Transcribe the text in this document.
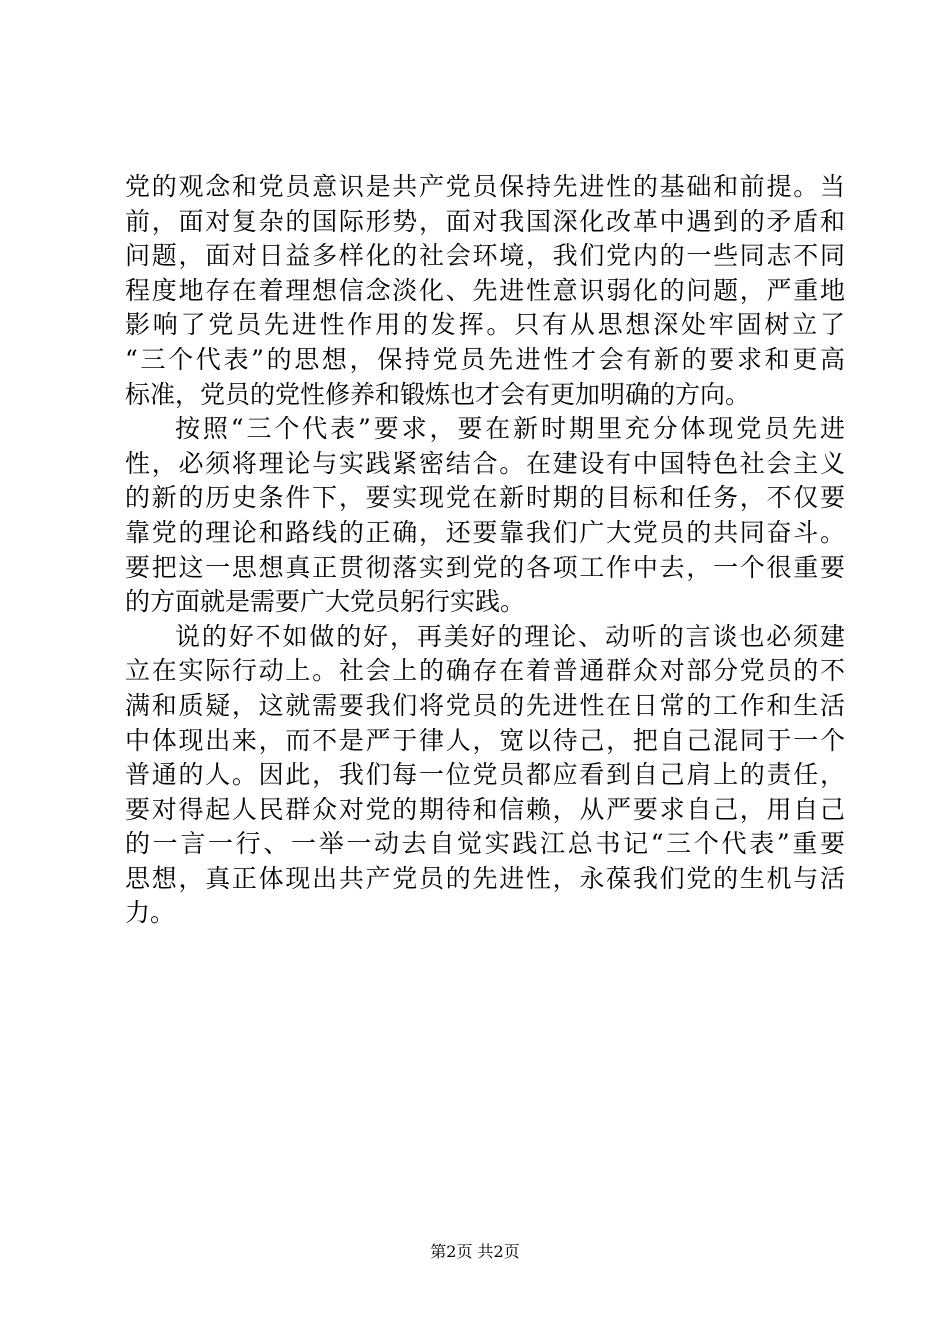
党的观念和党员意识是共产党员保持先进性的基础和前提。当
前，面对复杂的国际形势，面对我国深化改革中遇到的矛盾和
问题，面对日益多样化的社会环境，我们党内的一些同志不同
程度地存在着理想信念淡化、先进性意识弱化的问题，严重地
影响了党员先进性作用的发挥。只有从思想深处牢固树立了
“三个代表”的思想，保持党员先进性才会有新的要求和更高
标准，党员的党性修养和锻炼也才会有更加明确的方向。
按照“三个代表”要求，要在新时期里充分体现党员先进
性，必须将理论与实践紧密结合。在建设有中国特色社会主义
的新的历史条件下，要实现党在新时期的目标和任务，不仅要
靠党的理论和路线的正确，还要靠我们广大党员的共同奋斗。
要把这一思想真正贯彻落实到党的各项工作中去，一个很重要
的方面就是需要广大党员躬行实践。
说的好不如做的好，再美好的理论、动听的言谈也必须建
立在实际行动上。社会上的确存在着普通群众对部分党员的不
满和质疑，这就需要我们将党员的先进性在日常的工作和生活
中体现出来，而不是严于律人，宽以待己，把自己混同于一个
普通的人。因此，我们每一位党员都应看到自己肩上的责任，
要对得起人民群众对党的期待和信赖，从严要求自己，用自己
的一言一行、一举一动去自觉实践江总书记“三个代表”重要
思想，真正体现出共产党员的先进性，永葆我们党的生机与活
力。
第2页 共2页
